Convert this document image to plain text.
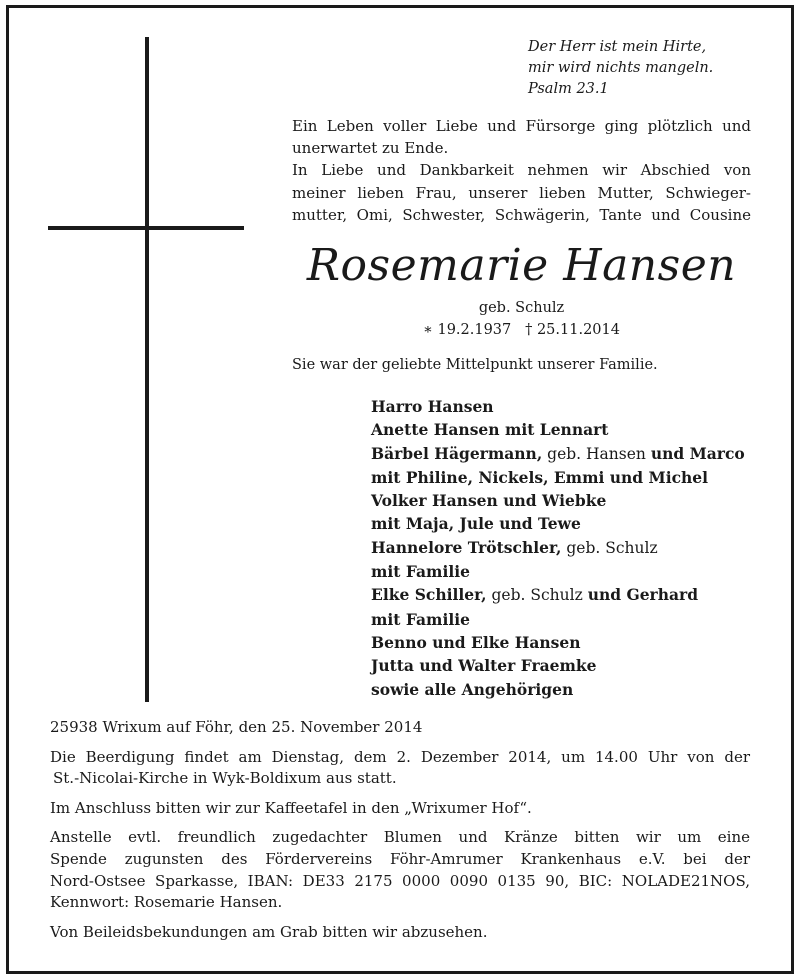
Der Herr ist mein Hirte,
mir wird nichts mangeln.
Psalm 23.1
Ein Leben voller Liebe und Fürsorge ging plötzlich und
unerwartet zu Ende.
In Liebe und Dankbarkeit nehmen wir Abschied von
meiner lieben Frau, unserer lieben Mutter, Schwieger-
mutter, Omi, Schwester, Schwägerin, Tante und Cousine
Rosemarie Hansen
geb. Schulz
∗ 19.2.1937 † 25.11.2014
Sie war der geliebte Mittelpunkt unserer Familie.
Harro Hansen
Anette Hansen mit Lennart
Bärbel Hägermann, geb. Hansen und Marco
mit Philine, Nickels, Emmi und Michel
Volker Hansen und Wiebke
mit Maja, Jule und Tewe
Hannelore Trötschler, geb. Schulz
mit Familie
Elke Schiller, geb. Schulz und Gerhard
mit Familie
Benno und Elke Hansen
Jutta und Walter Fraemke
sowie alle Angehörigen
25938 Wrixum auf Föhr, den 25. November 2014
Die Beerdigung findet am Dienstag, dem 2. Dezember 2014, um 14.00 Uhr von der
St.-Nicolai-Kirche in Wyk-Boldixum aus statt.
Im Anschluss bitten wir zur Kaffeetafel in den „Wrixumer Hof“.
Anstelle evtl. freundlich zugedachter Blumen und Kränze bitten wir um eine
Spende zugunsten des Fördervereins Föhr-Amrumer Krankenhaus e.V. bei der
Nord-Ostsee Sparkasse, IBAN: DE33 2175 0000 0090 0135 90, BIC: NOLADE21NOS,
Kennwort: Rosemarie Hansen.
Von Beileidsbekundungen am Grab bitten wir abzusehen.
